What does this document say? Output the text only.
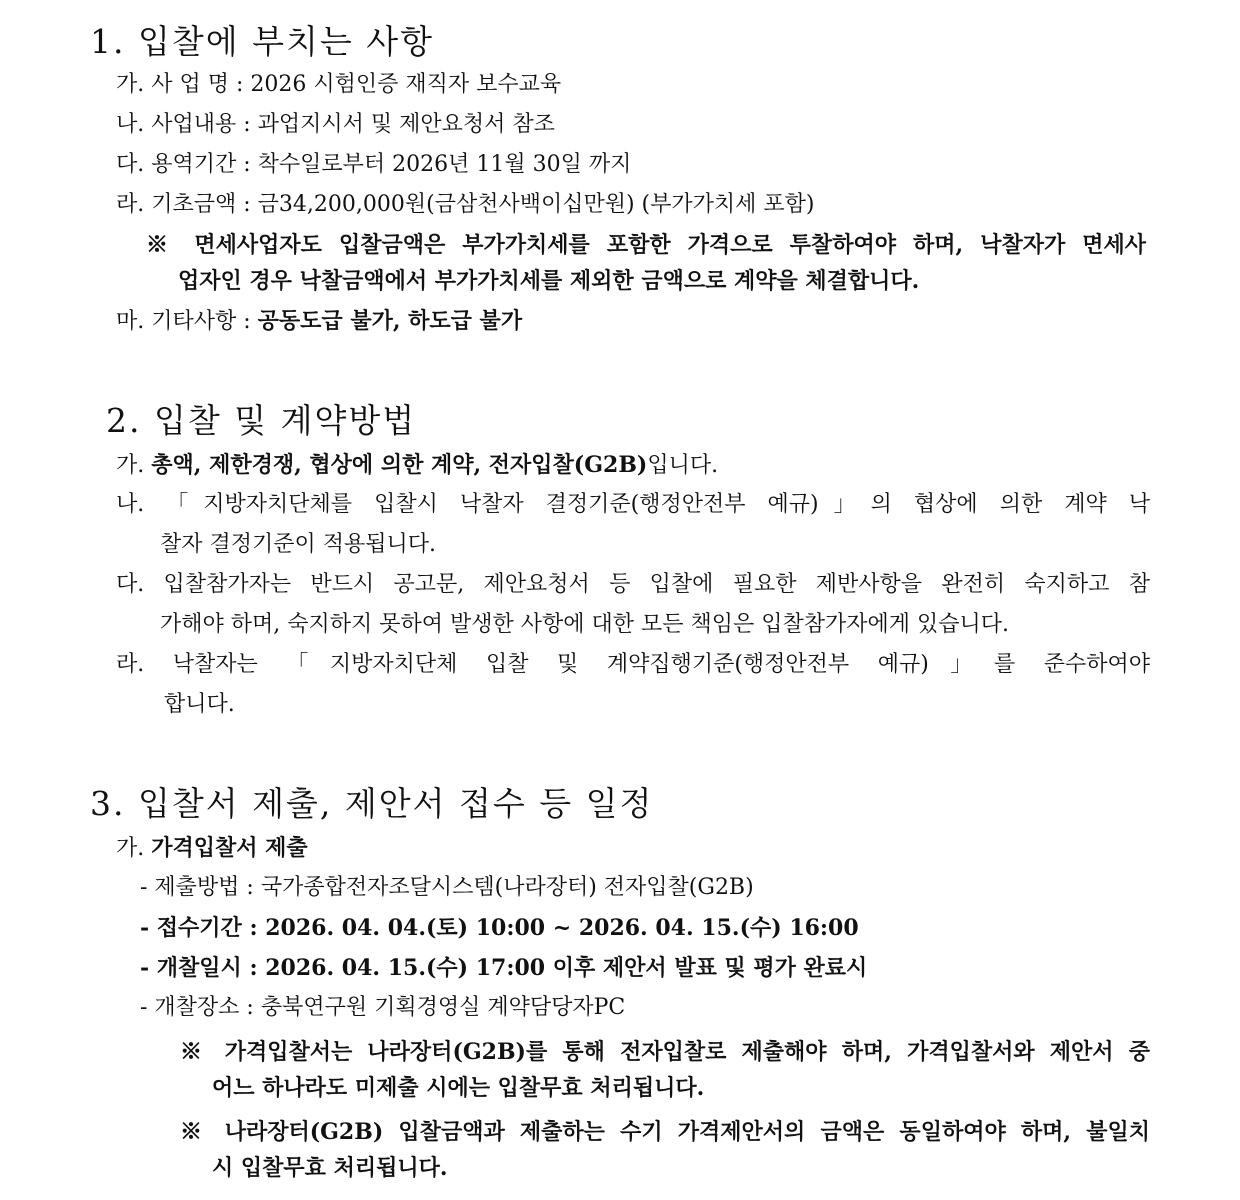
1. 입찰에 부치는 사항
가. 사 업 명 : 2026 시험인증 재직자 보수교육
나. 사업내용 : 과업지시서 및 제안요청서 참조
다. 용역기간 : 착수일로부터 2026년 11월 30일 까지
라. 기초금액 : 금34,200,000원(금삼천사백이십만원) (부가가치세 포함)
※ 면세사업자도 입찰금액은 부가가치세를 포함한 가격으로 투찰하여야 하며, 낙찰자가 면세사
업자인 경우 낙찰금액에서 부가가치세를 제외한 금액으로 계약을 체결합니다.
마. 기타사항 : 공동도급 불가, 하도급 불가
2. 입찰 및 계약방법
가. 총액, 제한경쟁, 협상에 의한 계약, 전자입찰(G2B)입니다.
나. 「지방자치단체를 입찰시 낙찰자 결정기준(행정안전부 예규)」의 협상에 의한 계약 낙
찰자 결정기준이 적용됩니다.
다. 입찰참가자는 반드시 공고문, 제안요청서 등 입찰에 필요한 제반사항을 완전히 숙지하고 참
가해야 하며, 숙지하지 못하여 발생한 사항에 대한 모든 책임은 입찰참가자에게 있습니다.
라. 낙찰자는 「지방자치단체 입찰 및 계약집행기준(행정안전부 예규)」를 준수하여야
합니다.
3. 입찰서 제출, 제안서 접수 등 일정
가. 가격입찰서 제출
- 제출방법 : 국가종합전자조달시스템(나라장터) 전자입찰(G2B)
- 접수기간 : 2026. 04. 04.(토) 10:00 ~ 2026. 04. 15.(수) 16:00
- 개찰일시 : 2026. 04. 15.(수) 17:00 이후 제안서 발표 및 평가 완료시
- 개찰장소 : 충북연구원 기획경영실 계약담당자PC
※ 가격입찰서는 나라장터(G2B)를 통해 전자입찰로 제출해야 하며, 가격입찰서와 제안서 중
어느 하나라도 미제출 시에는 입찰무효 처리됩니다.
※ 나라장터(G2B) 입찰금액과 제출하는 수기 가격제안서의 금액은 동일하여야 하며, 불일치
시 입찰무효 처리됩니다.
